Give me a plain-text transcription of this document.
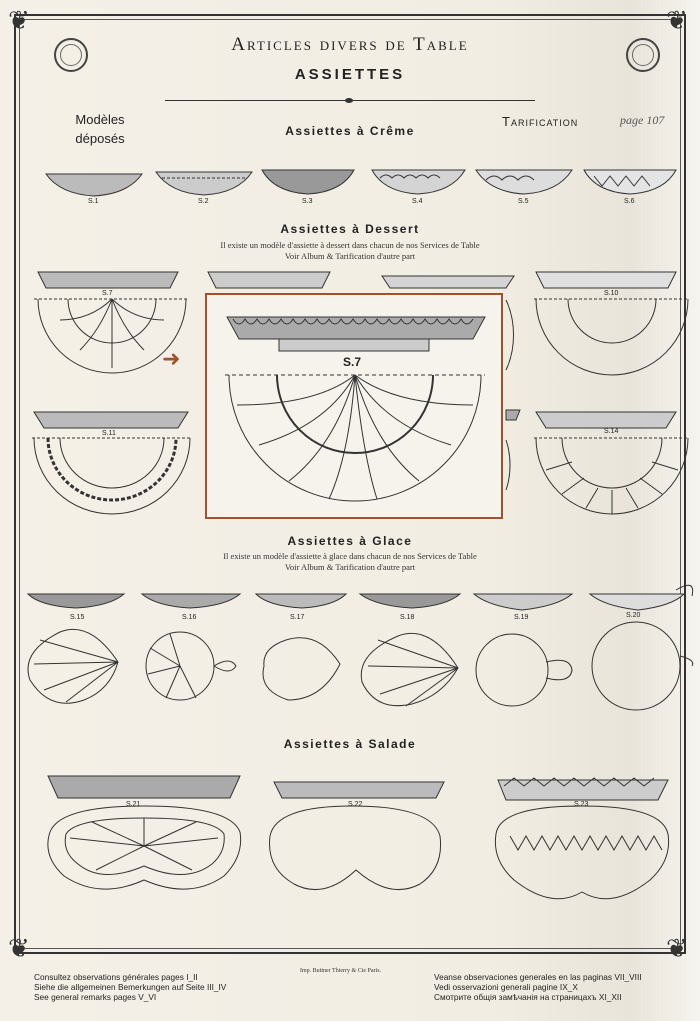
❦	❦
❦	❦
Articles divers de Table
ASSIETTES
Modèles
déposés
Tarification	page 107
Assiettes à Crême
Assiettes à Dessert
Il existe un modèle d'assiette à dessert dans chacun de nos Services de Table
Voir Album & Tarification d'autre part
Assiettes à Glace
Il existe un modèle d'assiette à glace dans chacun de nos Services de Table
Voir Album & Tarification d'autre part
Assiettes à Salade
S.1	S.2	S.3	S.4	S.5	S.6
S.7	S.10
S.11	S.14
S.15	S.16	S.17	S.18	S.19	S.20
S.21	S.22	S.23
➜	S.7
Consultez observations générales pages I_II
Siehe die allgemeinen Bemerkungen auf Seite III_IV
See general remarks pages V_VI
Imp. Buttner Thierry & Cie Paris.
Veanse observaciones generales en las paginas VII_VIII
Vedi osservazioni generali pagine IX_X
Смотрите общія замѣчанія на страницахъ XI_XII
